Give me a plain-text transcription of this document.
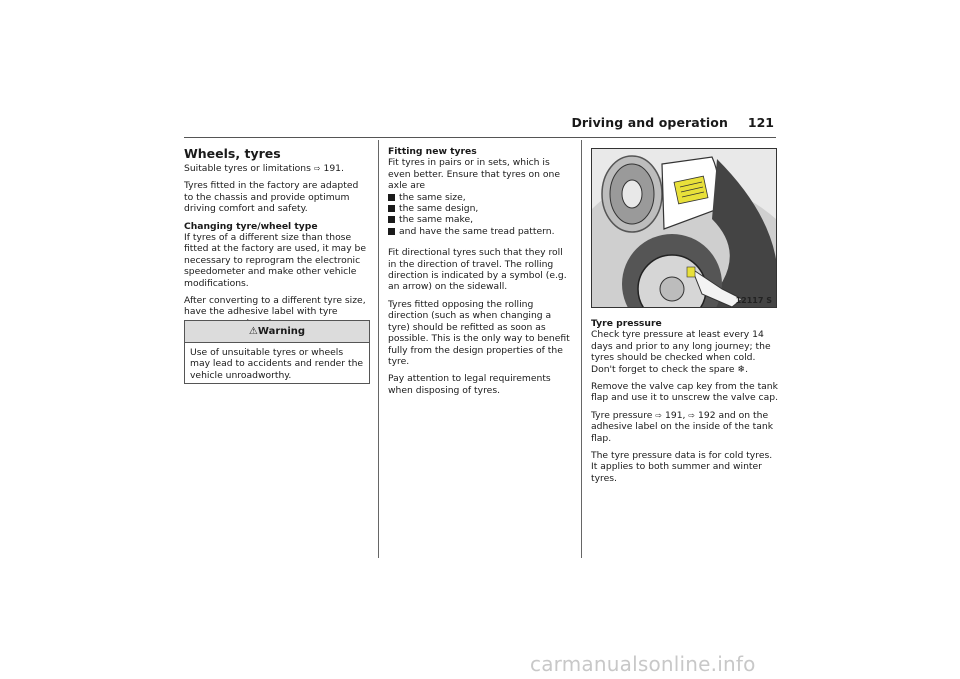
Driving and operation 121
Wheels, tyres

Suitable tyres or limitations ⇨ 191.

Tyres fitted in the factory are adapted to the chassis and provide optimum driving comfort and safety.

Changing tyre/wheel type

If tyres of a different size than those fitted at the factory are used, it may be necessary to reprogram the electronic speedometer and make other vehicle modifications.

After converting to a different tyre size, have the adhesive label with tyre

⚠Warning
Use of unsuitable tyres or wheels may lead to accidents and render the vehicle unroadworthy.
Fitting new tyres

Fit tyres in pairs or in sets, which is even better. Ensure that tyres on one axle are

the same size,
the same design,
the same make,
and have the same tread pattern.

Fit directional tyres such that they roll in the direction of travel. The rolling direction is indicated by a symbol (e.g. an arrow) on the sidewall.

Tyres fitted opposing the rolling direction (such as when changing a tyre) should be refitted as soon as possible. This is the only way to benefit fully from the design properties of the tyre.

Pay attention to legal requirements when disposing of tyres.

12117 S
Tyre pressure

Check tyre pressure at least every 14 days and prior to any long journey; the tyres should be checked when cold. Don't forget to check the spare ❄.

Remove the valve cap key from the tank flap and use it to unscrew the valve cap.

Tyre pressure ⇨ 191, ⇨ 192 and on the adhesive label on the inside of the tank flap.

The tyre pressure data is for cold tyres. It applies to both summer and winter tyres.

carmanualsonline.info
